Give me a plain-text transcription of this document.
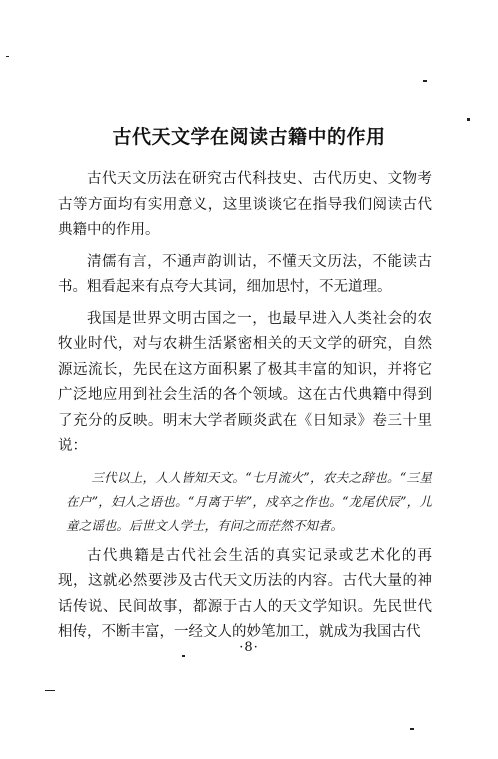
古代天文学在阅读古籍中的作用

古代天文历法在研究古代科技史、古代历史、文物考古等方面均有实用意义，这里谈谈它在指导我们阅读古代典籍中的作用。

清儒有言，不通声韵训诂，不懂天文历法，不能读古书。粗看起来有点夸大其词，细加思忖，不无道理。

我国是世界文明古国之一，也最早进入人类社会的农牧业时代，对与农耕生活紧密相关的天文学的研究，自然源远流长，先民在这方面积累了极其丰富的知识，并将它广泛地应用到社会生活的各个领域。这在古代典籍中得到了充分的反映。明末大学者顾炎武在《日知录》卷三十里说：

三代以上，人人皆知天文。“七月流火”，农夫之辞也。“三星在户”，妇人之语也。“月离于毕”，戍卒之作也。“龙尾伏辰”，儿童之谣也。后世文人学士，有问之而茫然不知者。

古代典籍是古代社会生活的真实记录或艺术化的再现，这就必然要涉及古代天文历法的内容。古代大量的神话传说、民间故事，都源于古人的天文学知识。先民世代相传，不断丰富，一经文人的妙笔加工，就成为我国古代

·8·
